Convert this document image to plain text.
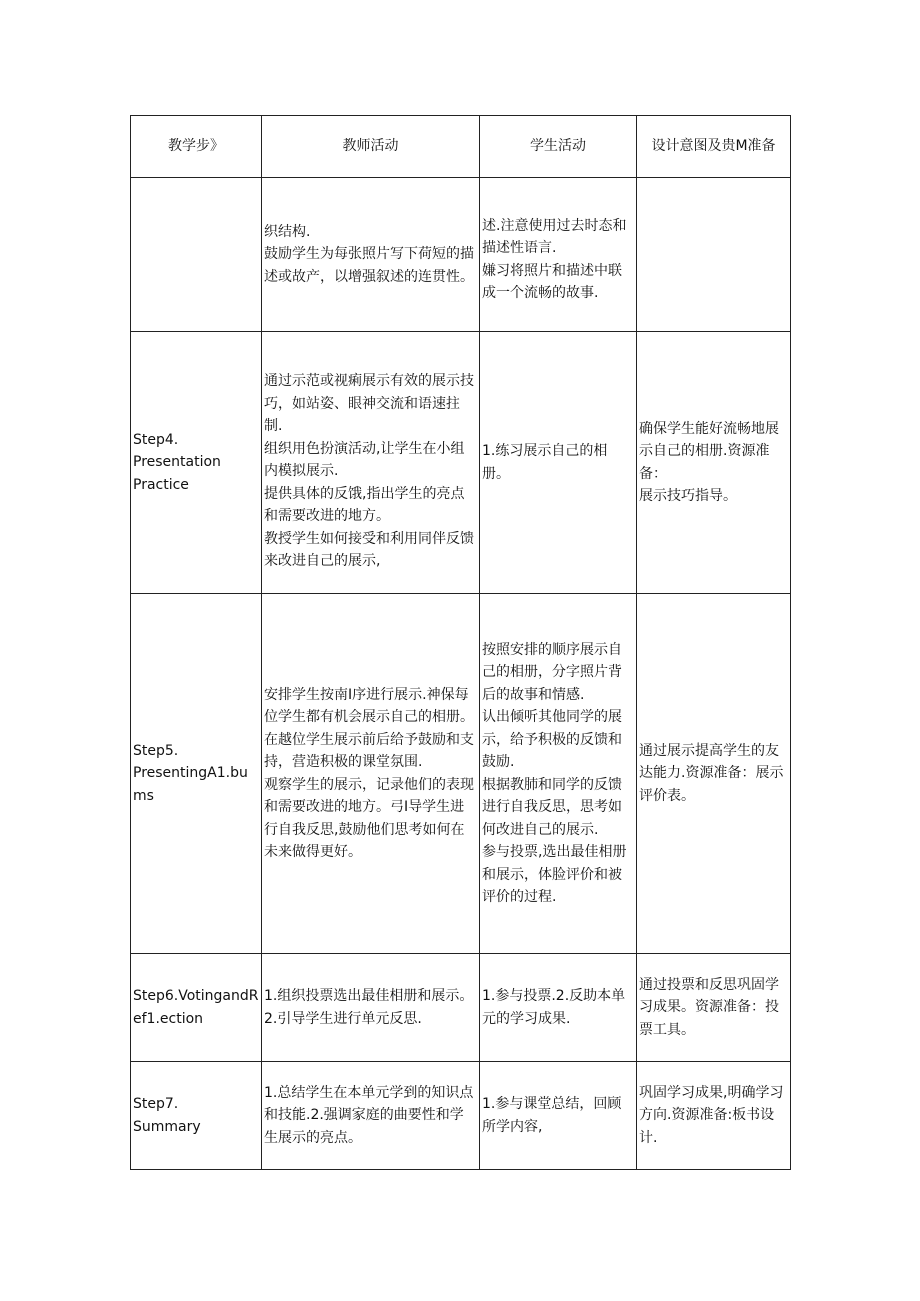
教学步》	教师活动	学生活动	设计意图及贵M准备

	织结构.
鼓励学生为每张照片写下荷短的描述或故产，以增强叙述的连贯性。	述.注意使用过去时态和描述性语言.
嫌习将照片和描述中联成一个流畅的故事.	

Step4.
Presentation
Practice	通过示范或视痢展示有效的展示技巧，如站姿、眼神交流和语速拄制.
组织用色扮演活动,让学生在小组内模拟展示.
提供具体的反饿,指出学生的亮点和需要改进的地方。
教授学生如何接受和利用同伴反馈来改进自己的展示,	1.练习展示自己的相册。	确保学生能好流畅地展示自己的相册.资源准备：
展示技巧指导。

Step5.
PresentingA1.bums	安排学生按南I序进行展示.神保每位学生都有机会展示自己的相册。
在越位学生展示前后给予鼓励和支持，营造积极的课堂氛围.
观察学生的展示，记录他们的表现和需要改进的地方。弓I导学生进行自我反思,鼓励他们思考如何在未来做得更好。	按照安排的顺序展示自己的相册，分字照片背后的故事和情感.
认出倾听其他同学的展示，给予积极的反馈和鼓励.
根据教肺和同学的反馈进行自我反思，思考如何改进自己的展示.
参与投票,选出最佳相册和展示，体脸评价和被评价的过程.	通过展示提高学生的友达能力.资源准备：展示评价表。

Step6.VotingandRef1.ection	1.组织投票选出最佳相册和展示。2.引导学生进行单元反思.	1.参与投票.2.反助本单元的学习成果.	通过投票和反思巩固学习成果。资源准备：投票工具。

Step7.
Summary	1.总结学生在本单元学到的知识点和技能.2.强调家庭的曲要性和学生展示的亮点。	1.参与课堂总结，回顾所学内容,	巩固学习成果,明确学习方向.资源准备:板书设计.
